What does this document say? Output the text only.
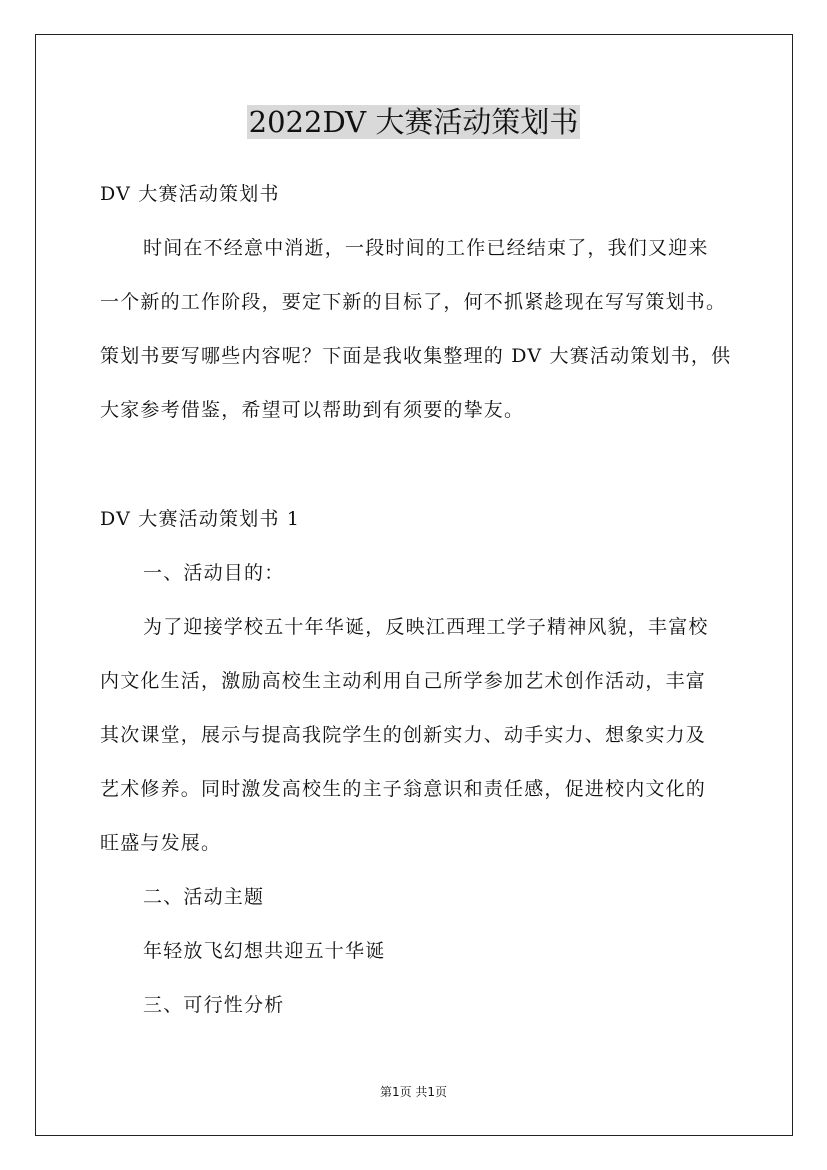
2022DV 大赛活动策划书

DV 大赛活动策划书

时间在不经意中消逝，一段时间的工作已经结束了，我们又迎来

一个新的工作阶段，要定下新的目标了，何不抓紧趁现在写写策划书。

策划书要写哪些内容呢？下面是我收集整理的 DV 大赛活动策划书，供

大家参考借鉴，希望可以帮助到有须要的挚友。

DV 大赛活动策划书 1

一、活动目的：

为了迎接学校五十年华诞，反映江西理工学子精神风貌，丰富校

内文化生活，激励高校生主动利用自己所学参加艺术创作活动，丰富

其次课堂，展示与提高我院学生的创新实力、动手实力、想象实力及

艺术修养。同时激发高校生的主子翁意识和责任感，促进校内文化的

旺盛与发展。

二、活动主题

年轻放飞幻想共迎五十华诞

三、可行性分析

第1页 共1页
